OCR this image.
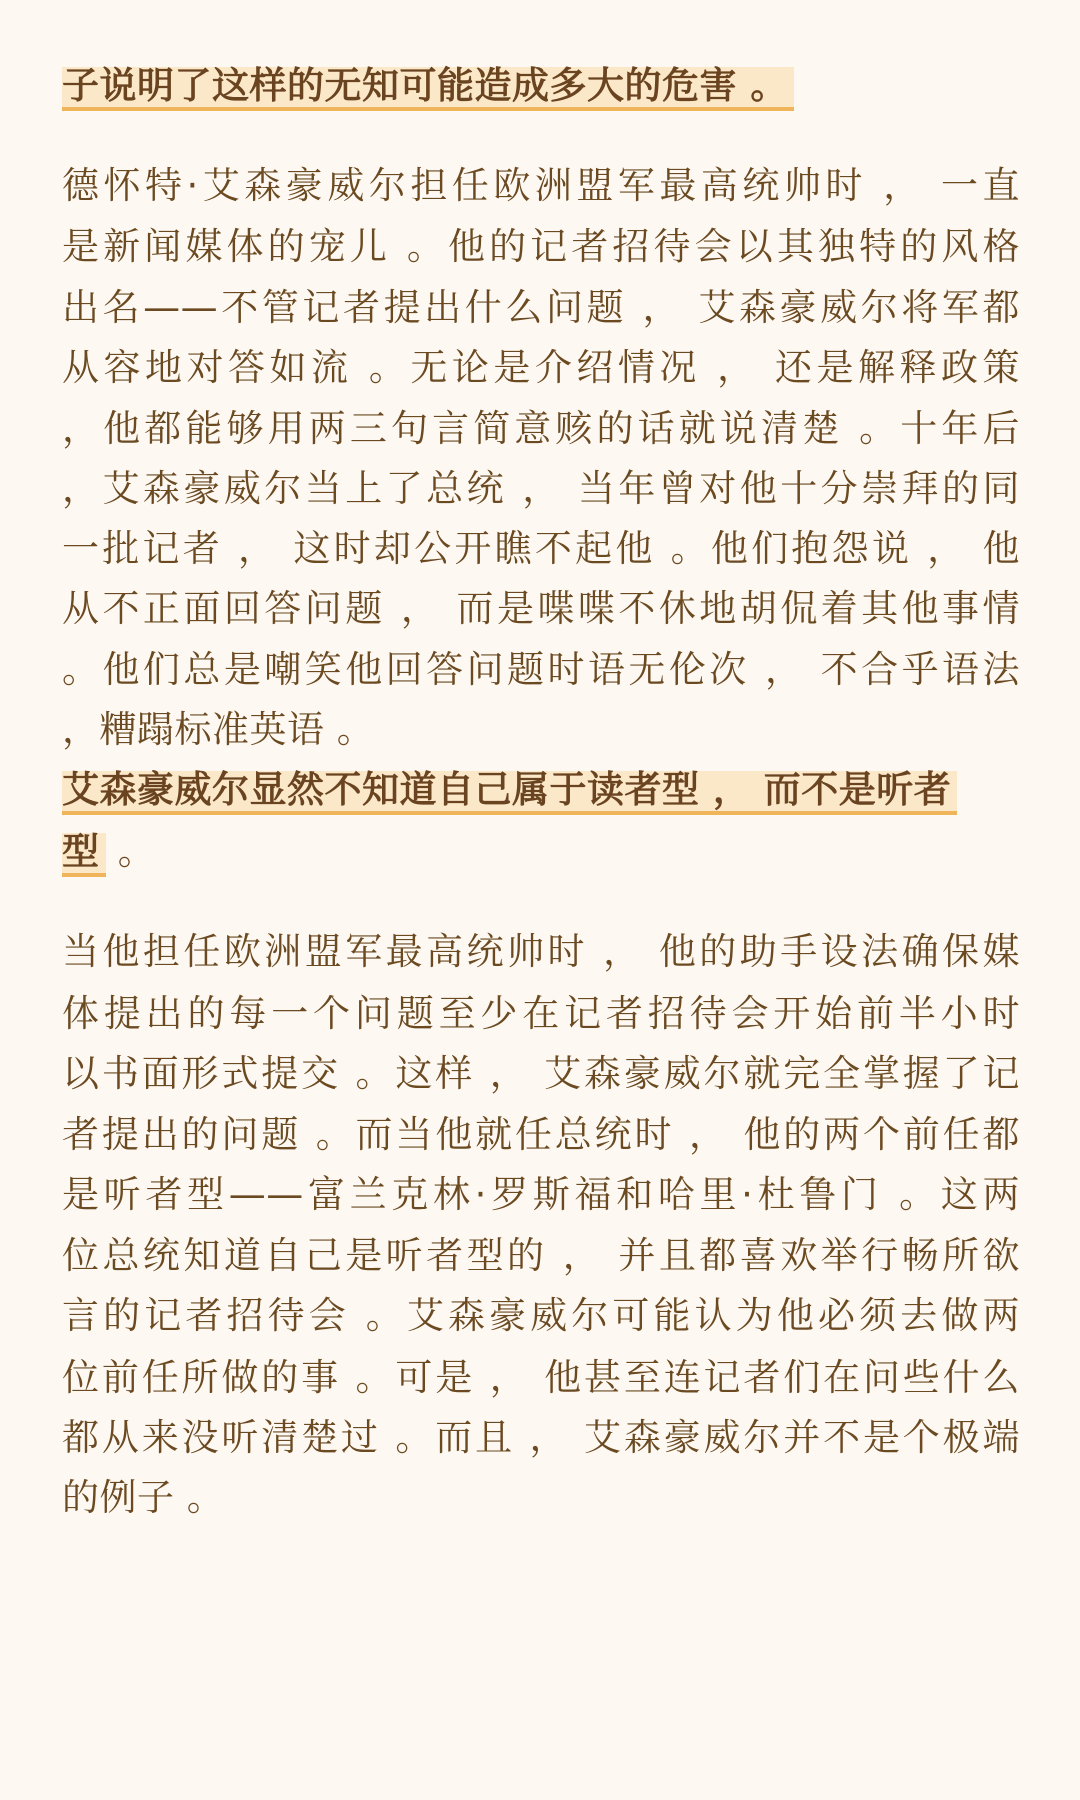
子说明了这样的无知可能造成多大的危害 。
德怀特·艾森豪威尔担任欧洲盟军最高统帅时 ， 一直
是新闻媒体的宠儿 。他的记者招待会以其独特的风格
出名——不管记者提出什么问题 ， 艾森豪威尔将军都
从容地对答如流 。无论是介绍情况 ， 还是解释政策
，他都能够用两三句言简意赅的话就说清楚 。十年后
，艾森豪威尔当上了总统 ， 当年曾对他十分崇拜的同
一批记者 ， 这时却公开瞧不起他 。他们抱怨说 ， 他
从不正面回答问题 ， 而是喋喋不休地胡侃着其他事情
。他们总是嘲笑他回答问题时语无伦次 ， 不合乎语法
，糟蹋标准英语 。
艾森豪威尔显然不知道自己属于读者型 ， 而不是听者
型 。
当他担任欧洲盟军最高统帅时 ， 他的助手设法确保媒
体提出的每一个问题至少在记者招待会开始前半小时
以书面形式提交 。这样 ， 艾森豪威尔就完全掌握了记
者提出的问题 。而当他就任总统时 ， 他的两个前任都
是听者型——富兰克林·罗斯福和哈里·杜鲁门 。这两
位总统知道自己是听者型的 ， 并且都喜欢举行畅所欲
言的记者招待会 。艾森豪威尔可能认为他必须去做两
位前任所做的事 。可是 ， 他甚至连记者们在问些什么
都从来没听清楚过 。而且 ， 艾森豪威尔并不是个极端
的例子 。
